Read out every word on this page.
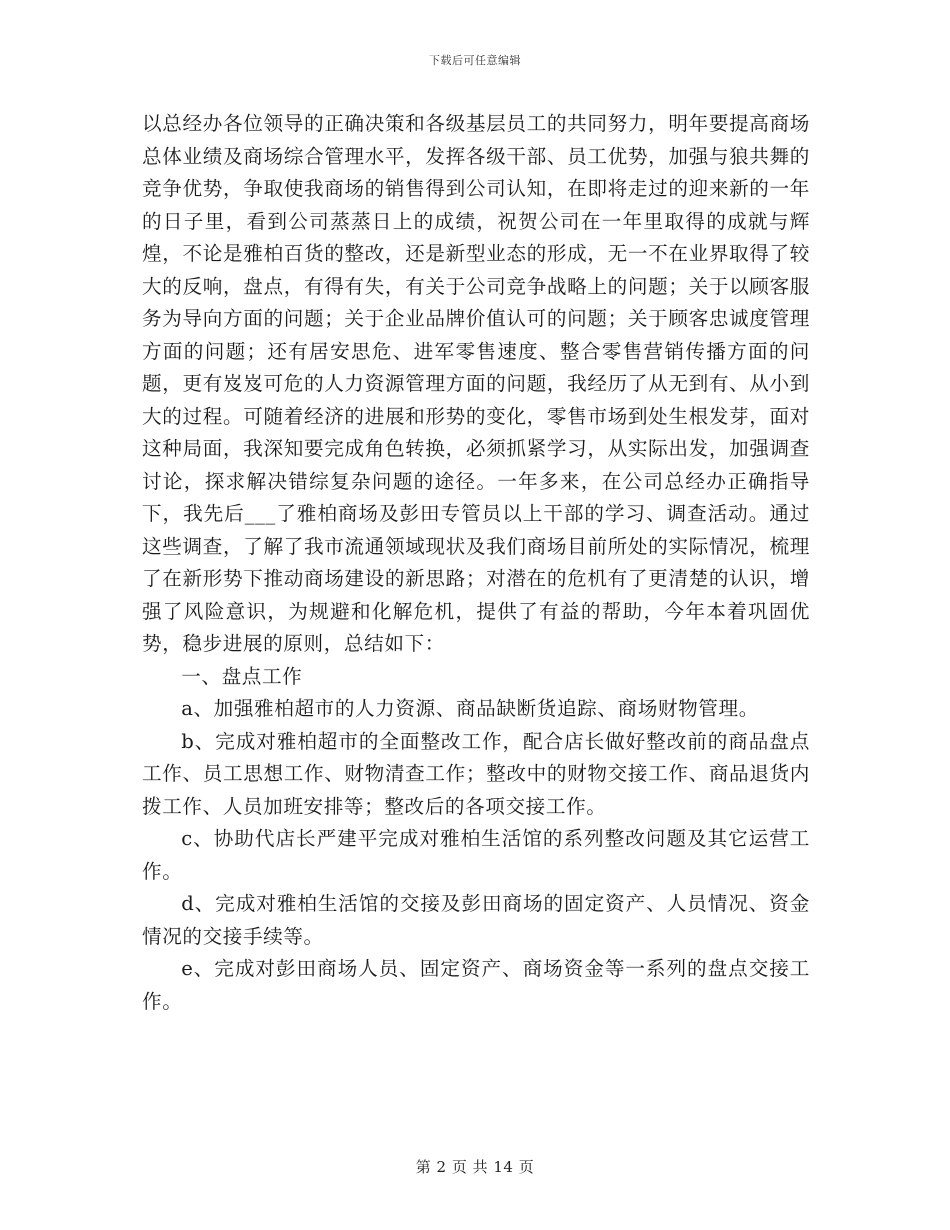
下载后可任意编辑

以总经办各位领导的正确决策和各级基层员工的共同努力，明年要提高商场总体业绩及商场综合管理水平，发挥各级干部、员工优势，加强与狼共舞的竞争优势，争取使我商场的销售得到公司认知，在即将走过的迎来新的一年的日子里，看到公司蒸蒸日上的成绩，祝贺公司在一年里取得的成就与辉煌，不论是雅柏百货的整改，还是新型业态的形成，无一不在业界取得了较大的反响，盘点，有得有失，有关于公司竞争战略上的问题；关于以顾客服务为导向方面的问题；关于企业品牌价值认可的问题；关于顾客忠诚度管理方面的问题；还有居安思危、进军零售速度、整合零售营销传播方面的问题，更有岌岌可危的人力资源管理方面的问题，我经历了从无到有、从小到大的过程。可随着经济的进展和形势的变化，零售市场到处生根发芽，面对这种局面，我深知要完成角色转换，必须抓紧学习，从实际出发，加强调查讨论，探求解决错综复杂问题的途径。一年多来，在公司总经办正确指导下，我先后___了雅柏商场及彭田专管员以上干部的学习、调查活动。通过这些调查，了解了我市流通领域现状及我们商场目前所处的实际情况，梳理了在新形势下推动商场建设的新思路；对潜在的危机有了更清楚的认识，增强了风险意识，为规避和化解危机，提供了有益的帮助，今年本着巩固优势，稳步进展的原则，总结如下：

一、盘点工作

a、加强雅柏超市的人力资源、商品缺断货追踪、商场财物管理。

b、完成对雅柏超市的全面整改工作，配合店长做好整改前的商品盘点工作、员工思想工作、财物清查工作；整改中的财物交接工作、商品退货内拨工作、人员加班安排等；整改后的各项交接工作。

c、协助代店长严建平完成对雅柏生活馆的系列整改问题及其它运营工作。

d、完成对雅柏生活馆的交接及彭田商场的固定资产、人员情况、资金情况的交接手续等。

e、完成对彭田商场人员、固定资产、商场资金等一系列的盘点交接工作。

第 2 页 共 14 页
